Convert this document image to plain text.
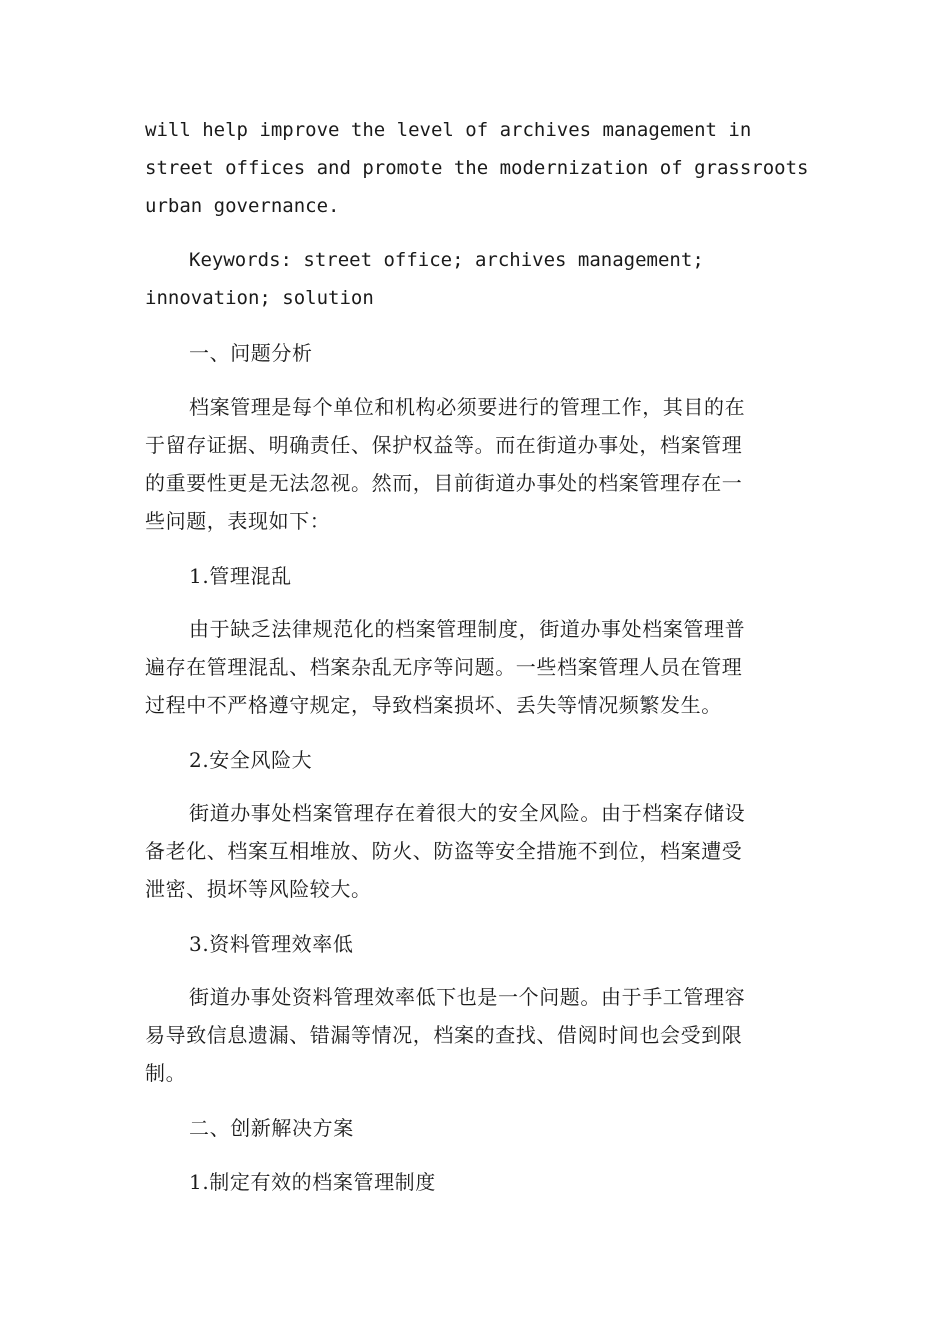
will help improve the level of archives management in
street offices and promote the modernization of grassroots
urban governance.
Keywords: street office; archives management;
innovation; solution
一、问题分析
档案管理是每个单位和机构必须要进行的管理工作，其目的在
于留存证据、明确责任、保护权益等。而在街道办事处，档案管理
的重要性更是无法忽视。然而，目前街道办事处的档案管理存在一
些问题，表现如下：
1.管理混乱
由于缺乏法律规范化的档案管理制度，街道办事处档案管理普
遍存在管理混乱、档案杂乱无序等问题。一些档案管理人员在管理
过程中不严格遵守规定，导致档案损坏、丢失等情况频繁发生。
2.安全风险大
街道办事处档案管理存在着很大的安全风险。由于档案存储设
备老化、档案互相堆放、防火、防盗等安全措施不到位，档案遭受
泄密、损坏等风险较大。
3.资料管理效率低
街道办事处资料管理效率低下也是一个问题。由于手工管理容
易导致信息遗漏、错漏等情况，档案的查找、借阅时间也会受到限
制。
二、创新解决方案
1.制定有效的档案管理制度
